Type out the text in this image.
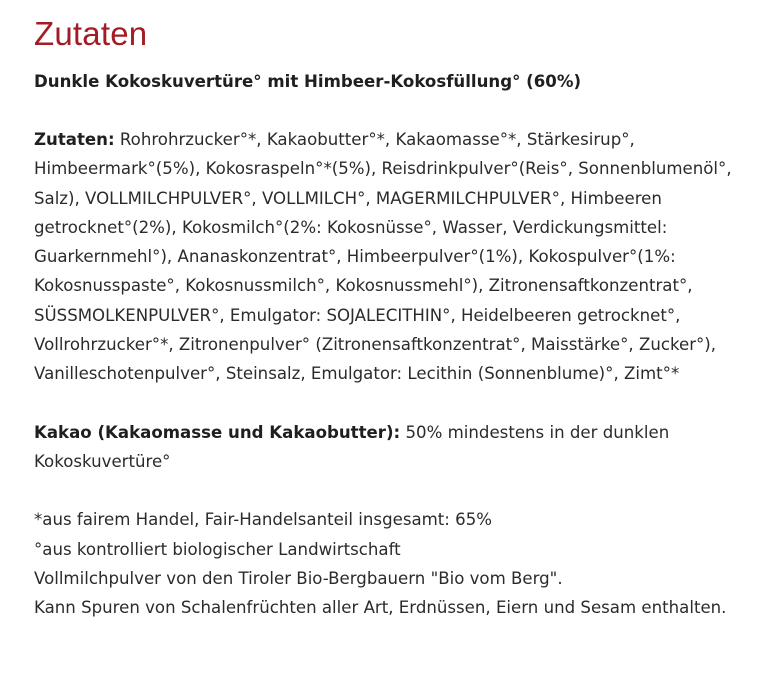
Zutaten

Dunkle Kokoskuvertüre° mit Himbeer-Kokosfüllung° (60%)

Zutaten: Rohrohrzucker°*, Kakaobutter°*, Kakaomasse°*, Stärkesirup°, Himbeermark°(5%), Kokosraspeln°*(5%), Reisdrinkpulver°(Reis°, Sonnenblumenöl°, Salz), VOLLMILCHPULVER°, VOLLMILCH°, MAGERMILCHPULVER°, Himbeeren getrocknet°(2%), Kokosmilch°(2%: Kokosnüsse°, Wasser, Verdickungsmittel: Guarkernmehl°), Ananaskonzentrat°, Himbeerpulver°(1%), Kokospulver°(1%: Kokosnusspaste°, Kokosnussmilch°, Kokosnussmehl°), Zitronensaftkonzentrat°, SÜSSMOLKENPULVER°, Emulgator: SOJALECITHIN°, Heidelbeeren getrocknet°, Vollrohrzucker°*, Zitronenpulver° (Zitronensaftkonzentrat°, Maisstärke°, Zucker°), Vanilleschotenpulver°, Steinsalz, Emulgator: Lecithin (Sonnenblume)°, Zimt°*

Kakao (Kakaomasse und Kakaobutter): 50% mindestens in der dunklen Kokoskuvertüre°

*aus fairem Handel, Fair-Handelsanteil insgesamt: 65%
°aus kontrolliert biologischer Landwirtschaft
Vollmilchpulver von den Tiroler Bio-Bergbauern "Bio vom Berg".
Kann Spuren von Schalenfrüchten aller Art, Erdnüssen, Eiern und Sesam enthalten.
